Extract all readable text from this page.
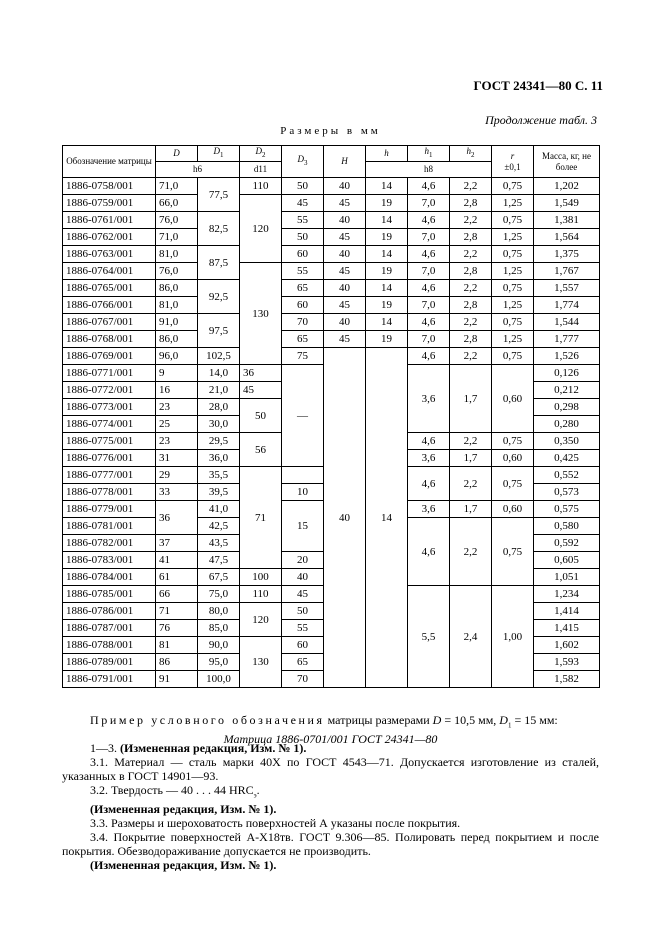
ГОСТ 24341—80 С. 11
Продолжение табл. 3
Размеры в мм
Обозначение матрицы	D	$D_1$	$D_2$	$D_3$	H	h	$h_1$	$h_2$	r
±0,1	Масса, кг, не более
	h6		d11			h8				
1886-0758/001	71,0	77,5	110	50	40	14	4,6	2,2	0,75	1,202
1886-0759/001	66,0		120	45	45	19	7,0	2,8	1,25	1,549
1886-0761/001	76,0	82,5		55	40	14	4,6	2,2	0,75	1,381
1886-0762/001	71,0			50	45	19	7,0	2,8	1,25	1,564
1886-0763/001	81,0	87,5		60	40	14	4,6	2,2	0,75	1,375
1886-0764/001	76,0		130	55	45	19	7,0	2,8	1,25	1,767
1886-0765/001	86,0	92,5		65	40	14	4,6	2,2	0,75	1,557
1886-0766/001	81,0			60	45	19	7,0	2,8	1,25	1,774
1886-0767/001	91,0	97,5		70	40	14	4,6	2,2	0,75	1,544
1886-0768/001	86,0			65	45	19	7,0	2,8	1,25	1,777
1886-0769/001	96,0	102,5		75	40	14	4,6	2,2	0,75	1,526
1886-0771/001	9	14,0	36	—			3,6	1,7	0,60	0,126
1886-0772/001	16	21,0	45							0,212
1886-0773/001	23	28,0	50							0,298
1886-0774/001	25	30,0								0,280
1886-0775/001	23	29,5	56				4,6	2,2	0,75	0,350
1886-0776/001	31	36,0					3,6	1,7	0,60	0,425
1886-0777/001	29	35,5	71				4,6	2,2	0,75	0,552
1886-0778/001	33	39,5		10						0,573
1886-0779/001	36	41,0		15			3,6	1,7	0,60	0,575
1886-0781/001		42,5					4,6	2,2	0,75	0,580
1886-0782/001	37	43,5								0,592
1886-0783/001	41	47,5		20						0,605
1886-0784/001	61	67,5	100	40						1,051
1886-0785/001	66	75,0	110	45			5,5	2,4	1,00	1,234
1886-0786/001	71	80,0	120	50						1,414
1886-0787/001	76	85,0		55						1,415
1886-0788/001	81	90,0	130	60						1,602
1886-0789/001	86	95,0		65						1,593
1886-0791/001	91	100,0		70						1,582

Пример условного обозначения матрицы размерами D = 10,5 мм, $D_1 = 15$ мм:

Матрица 1886-0701/001 ГОСТ 24341—80

1—3. (Измененная редакция, Изм. № 1).

3.1. Материал — сталь марки 40Х по ГОСТ 4543—71. Допускается изготовление из сталей, указанных в ГОСТ 14901—93.

3.2. Твердость — 40 . . . 44 $HRC_э$.

(Измененная редакция, Изм. № 1).

3.3. Размеры и шероховатость поверхностей А указаны после покрытия.

3.4. Покрытие поверхностей А-Х18тв. ГОСТ 9.306—85. Полировать перед покрытием и после покрытия. Обезводораживание допускается не производить.

(Измененная редакция, Изм. № 1).
